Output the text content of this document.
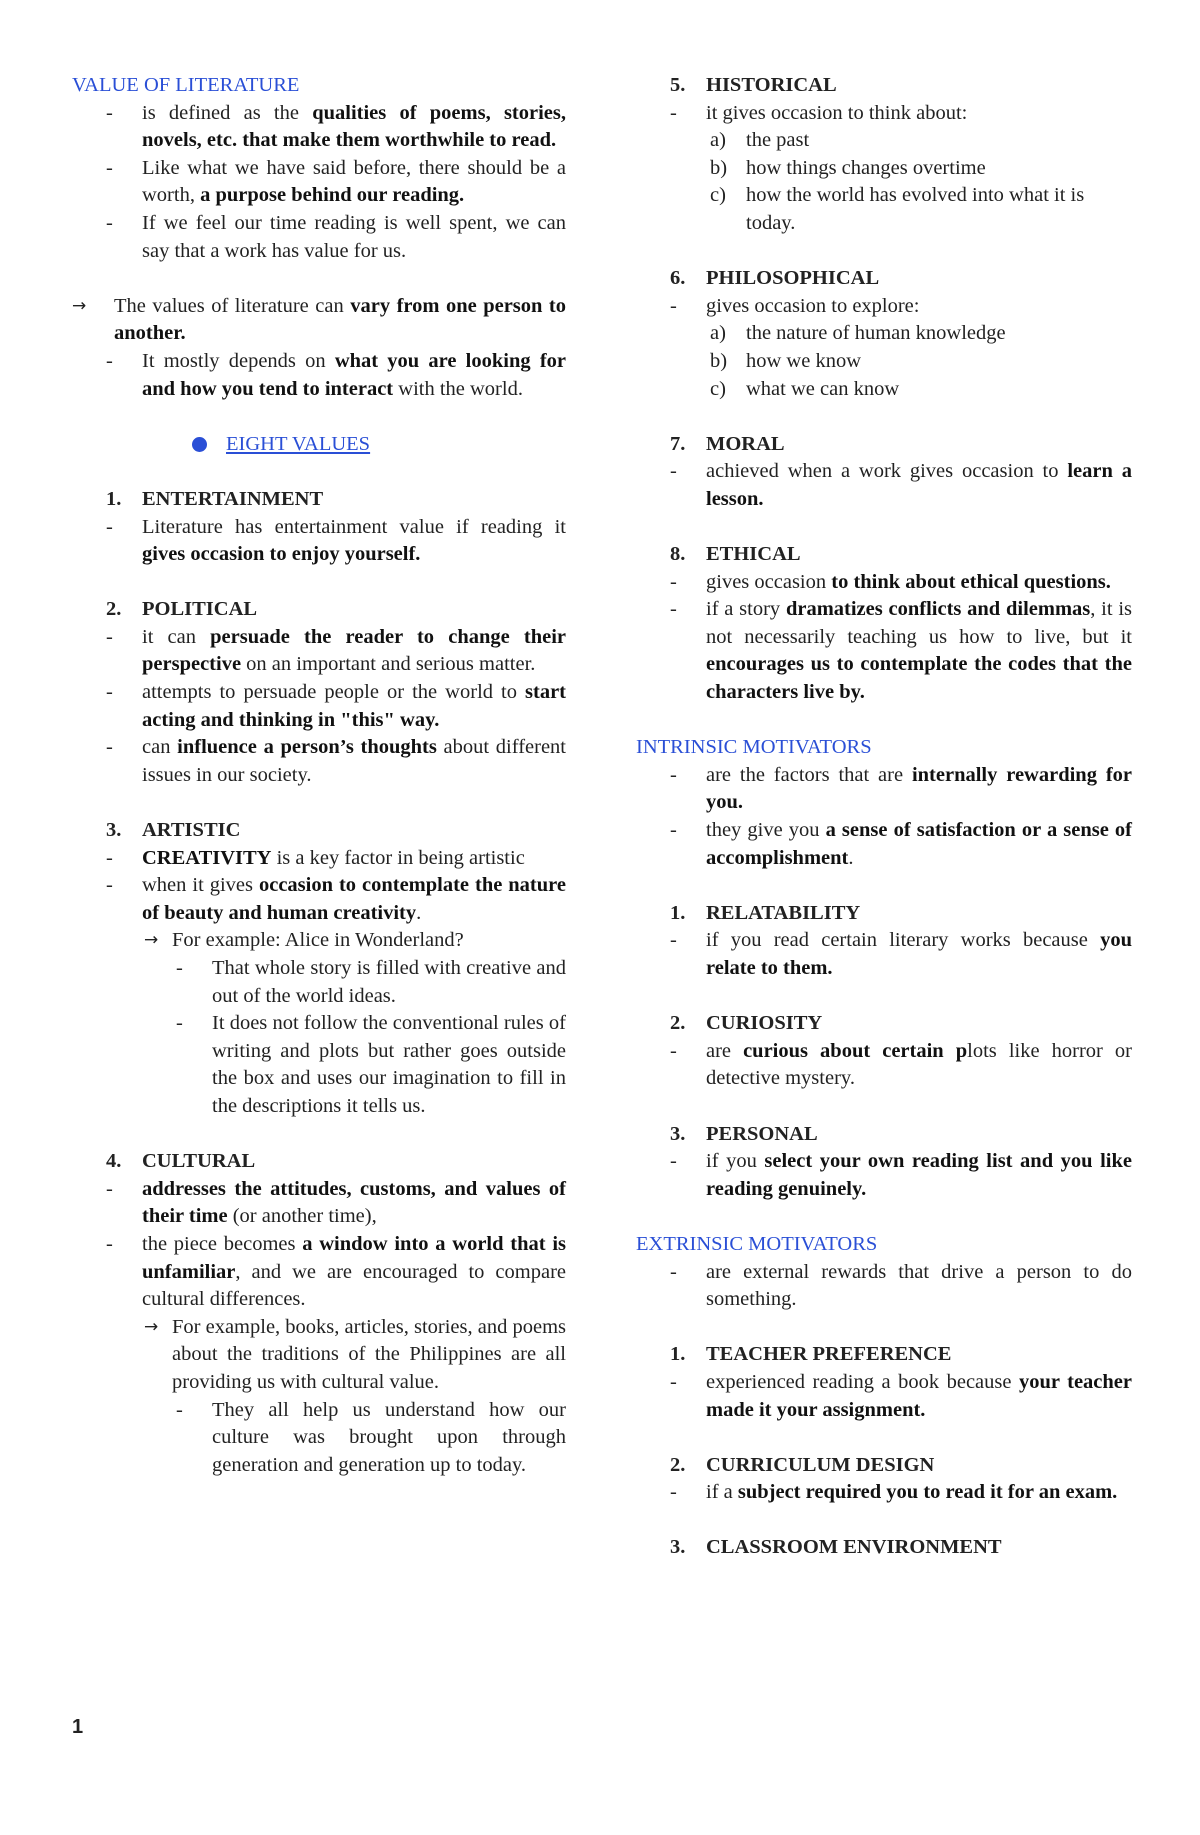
VALUE OF LITERATURE
- is defined as the qualities of poems, stories, novels, etc. that make them worthwhile to read.
- Like what we have said before, there should be a worth, a purpose behind our reading.
- If we feel our time reading is well spent, we can say that a work has value for us.
→ The values of literature can vary from one person to another.
- It mostly depends on what you are looking for and how you tend to interact with the world.
EIGHT VALUES
1. ENTERTAINMENT
- Literature has entertainment value if reading it gives occasion to enjoy yourself.
2. POLITICAL
- it can persuade the reader to change their perspective on an important and serious matter.
- attempts to persuade people or the world to start acting and thinking in "this" way.
- can influence a person’s thoughts about different issues in our society.
3. ARTISTIC
- CREATIVITY is a key factor in being artistic
- when it gives occasion to contemplate the nature of beauty and human creativity.
→ For example: Alice in Wonderland?
- That whole story is filled with creative and out of the world ideas.
- It does not follow the conventional rules of writing and plots but rather goes outside the box and uses our imagination to fill in the descriptions it tells us.
4. CULTURAL
- addresses the attitudes, customs, and values of their time (or another time),
- the piece becomes a window into a world that is unfamiliar, and we are encouraged to compare cultural differences.
→ For example, books, articles, stories, and poems about the traditions of the Philippines are all providing us with cultural value.
- They all help us understand how our culture was brought upon through generation and generation up to today.
5. HISTORICAL
- it gives occasion to think about:
a) the past
b) how things changes overtime
c) how the world has evolved into what it is today.
6. PHILOSOPHICAL
- gives occasion to explore:
a) the nature of human knowledge
b) how we know
c) what we can know
7. MORAL
- achieved when a work gives occasion to learn a lesson.
8. ETHICAL
- gives occasion to think about ethical questions.
- if a story dramatizes conflicts and dilemmas, it is not necessarily teaching us how to live, but it encourages us to contemplate the codes that the characters live by.
INTRINSIC MOTIVATORS
- are the factors that are internally rewarding for you.
- they give you a sense of satisfaction or a sense of accomplishment.
1. RELATABILITY
- if you read certain literary works because you relate to them.
2. CURIOSITY
- are curious about certain plots like horror or detective mystery.
3. PERSONAL
- if you select your own reading list and you like reading genuinely.
EXTRINSIC MOTIVATORS
- are external rewards that drive a person to do something.
1. TEACHER PREFERENCE
- experienced reading a book because your teacher made it your assignment.
2. CURRICULUM DESIGN
- if a subject required you to read it for an exam.
3. CLASSROOM ENVIRONMENT
1
